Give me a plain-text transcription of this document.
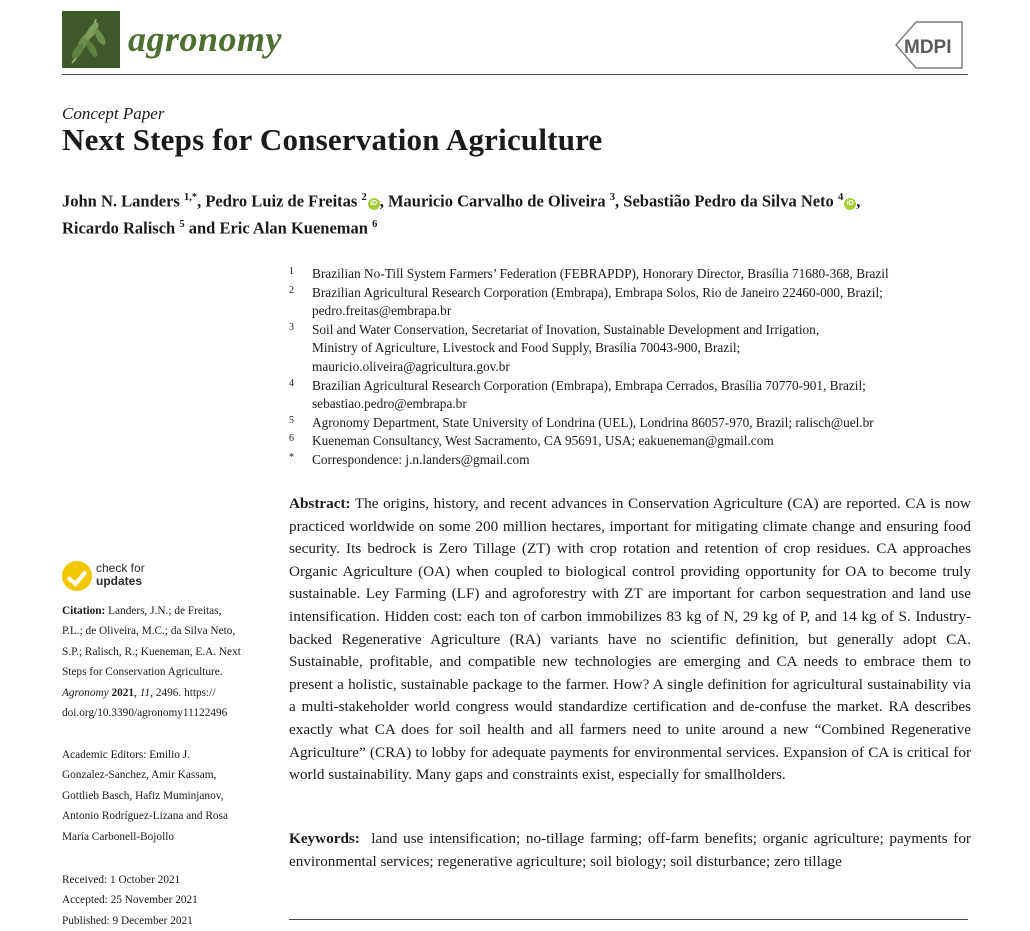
agronomy	MDPI
Concept Paper
Next Steps for Conservation Agriculture
John N. Landers $^{1,*}$, Pedro Luiz de Freitas $^2$ iD , Mauricio Carvalho de Oliveira $^3$, Sebastião Pedro da Silva Neto $^4$ iD ,
Ricardo Ralisch $^5$ and Eric Alan Kueneman $^6$
1	Brazilian No-Till System Farmers’ Federation (FEBRAPDP), Honorary Director, Brasília 71680-368, Brazil
2	Brazilian Agricultural Research Corporation (Embrapa), Embrapa Solos, Rio de Janeiro 22460-000, Brazil;
pedro.freitas@embrapa.br
3	Soil and Water Conservation, Secretariat of Inovation, Sustainable Development and Irrigation,
Ministry of Agriculture, Livestock and Food Supply, Brasília 70043-900, Brazil;
mauricio.oliveira@agricultura.gov.br
4	Brazilian Agricultural Research Corporation (Embrapa), Embrapa Cerrados, Brasília 70770-901, Brazil;
sebastiao.pedro@embrapa.br
5	Agronomy Department, State University of Londrina (UEL), Londrina 86057-970, Brazil; ralisch@uel.br
6	Kueneman Consultancy, West Sacramento, CA 95691, USA; eakueneman@gmail.com
*	Correspondence: j.n.landers@gmail.com
check for
updates
Citation: Landers, J.N.; de Freitas,
P.L.; de Oliveira, M.C.; da Silva Neto,
S.P.; Ralisch, R.; Kueneman, E.A. Next
Steps for Conservation Agriculture.
Agronomy 2021, 11, 2496. https://
doi.org/10.3390/agronomy11122496
Academic Editors: Emilio J.
Gonzalez-Sanchez, Amir Kassam,
Gottlieb Basch, Hafiz Muminjanov,
Antonio Rodríguez-Lizana and Rosa
María Carbonell-Bojollo
Received: 1 October 2021
Accepted: 25 November 2021
Published: 9 December 2021
Abstract: The origins, history, and recent advances in Conservation Agriculture (CA) are reported. CA is now practiced worldwide on some 200 million hectares, important for mitigating climate change and ensuring food security. Its bedrock is Zero Tillage (ZT) with crop rotation and retention of crop residues. CA approaches Organic Agriculture (OA) when coupled to biological control providing opportunity for OA to become truly sustainable. Ley Farming (LF) and agroforestry with ZT are important for carbon sequestration and land use intensification. Hidden cost: each ton of carbon immobilizes 83 kg of N, 29 kg of P, and 14 kg of S. Industry-backed Regenerative Agriculture (RA) variants have no scientific definition, but generally adopt CA. Sustainable, profitable, and compatible new technologies are emerging and CA needs to embrace them to present a holistic, sustainable package to the farmer. How? A single definition for agricultural sustainability via a multi-stakeholder world congress would standardize certification and de-confuse the market. RA describes exactly what CA does for soil health and all farmers need to unite around a new “Combined Regenerative Agriculture” (CRA) to lobby for adequate payments for environmental services. Expansion of CA is critical for world sustainability. Many gaps and constraints exist, especially for smallholders.
Keywords: land use intensification; no-tillage farming; off-farm benefits; organic agriculture; payments for environmental services; regenerative agriculture; soil biology; soil disturbance; zero tillage
